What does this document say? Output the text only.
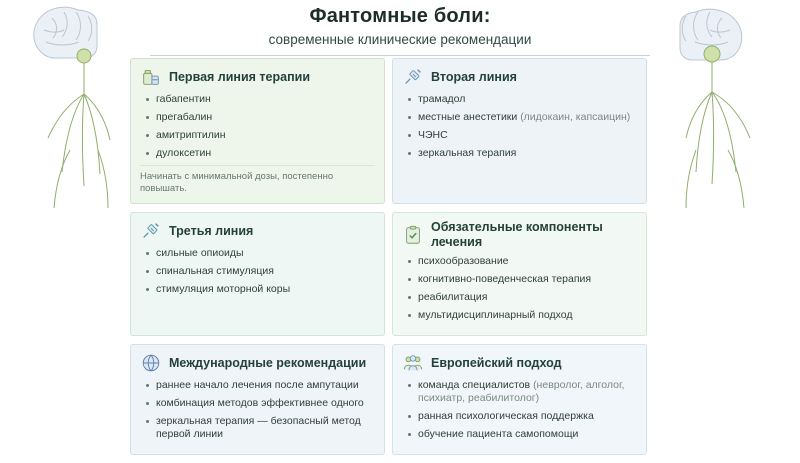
Фантомные боли:
современные клинические рекомендации
Первая линия терапии
габапентин
прегабалин
амитриптилин
дулоксетин
Начинать с минимальной дозы, постепенно повышать.
Вторая линия
трамадол
местные анестетики (лидокаин, капсаицин)
ЧЭНС
зеркальная терапия
Третья линия
сильные опиоиды
спинальная стимуляция
стимуляция моторной коры
Обязательные компоненты лечения
психообразование
когнитивно-поведенческая терапия
реабилитация
мультидисциплинарный подход
Международные рекомендации
раннее начало лечения после ампутации
комбинация методов эффективнее одного
зеркальная терапия — безопасный метод первой линии
Европейский подход
команда специалистов (невролог, алголог, психиатр, реабилитолог)
ранная психологическая поддержка
обучение пациента самопомощи
